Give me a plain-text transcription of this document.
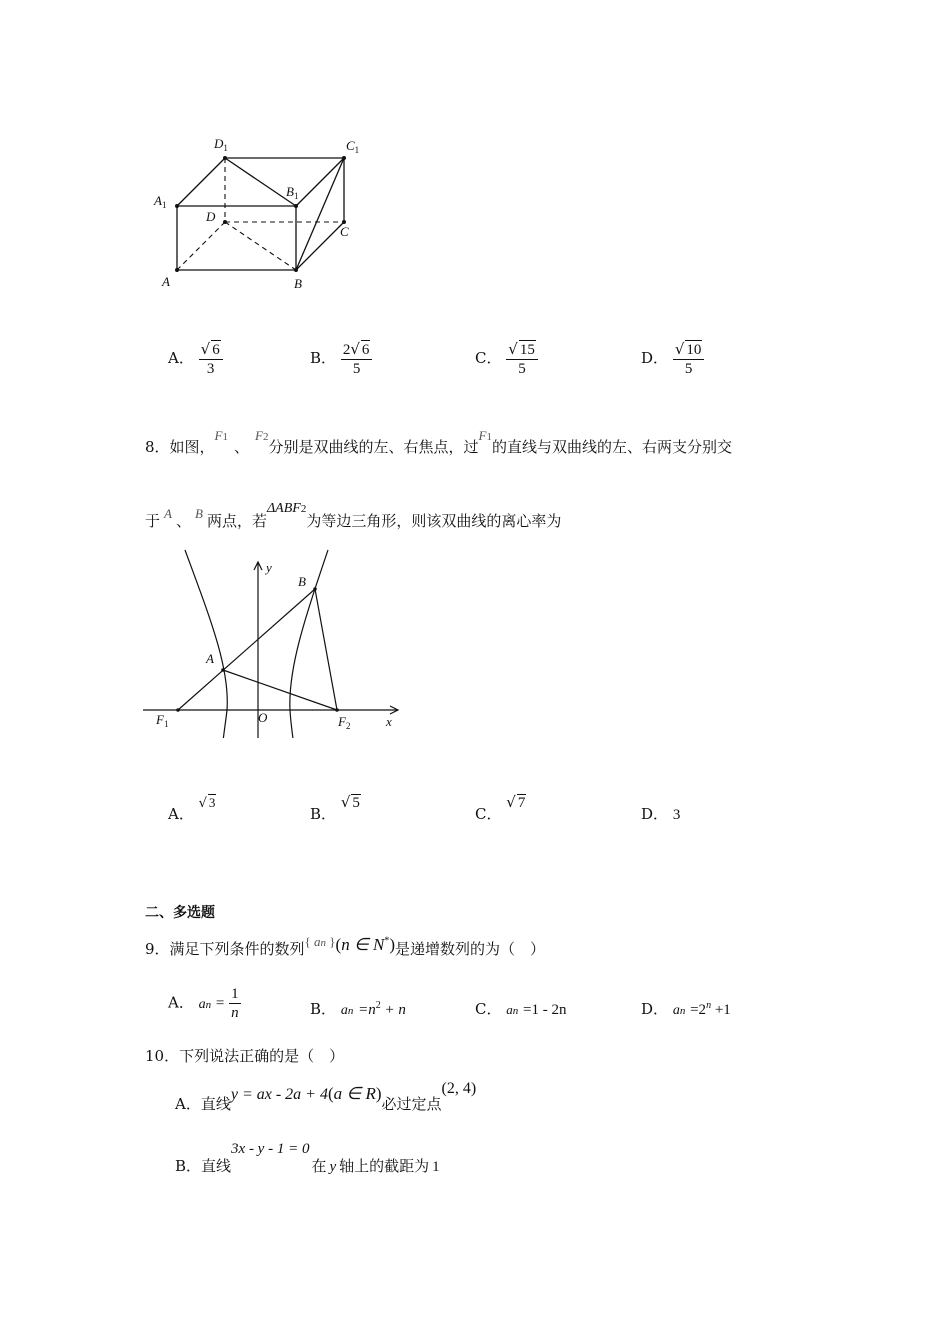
$D_1$	$C_1$
$A_1$
$B_1$
D
C
A	B
A． $\frac{√ 6}{3}$	B． $\frac{2√ 6}{5}$	C． $\frac{√ 15}{5}$	D． $\frac{√ 10}{5}$
8．如图，F1、F2分别是双曲线的左、右焦点，过F1的直线与双曲线的左、右两支分别交
于 A 、 B 两点，若ΔABF2为等边三角形，则该双曲线的离心率为
y
x
B
A
O
$F_1$	$F_2$
A． √ 3
B． √ 5
C． √ 7
D． 3
二、多选题
9．满足下列条件的数列{ an }(n ∈ N*)是递增数列的为（　）
A． an = $\frac{1}{n}$	B． an $=n^2 + n$	C． an =1 - 2n	D． an $=2^n +1$
10．下列说法正确的是（　）
A．直线y = ax - 2a + 4(a ∈ R)必过定点(2, 4)
B．直线3x - y - 1 = 0在 y 轴上的截距为 1
